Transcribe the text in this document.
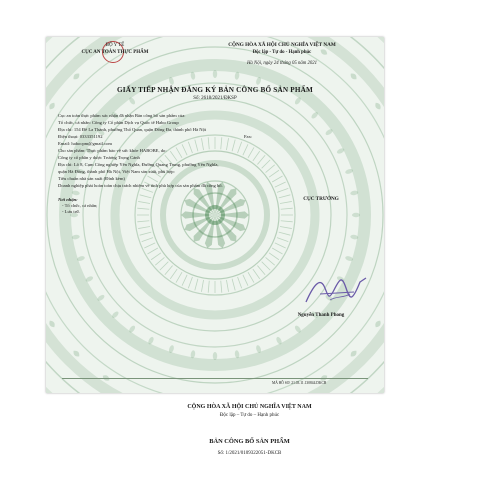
BỘ Y TẾ
CỤC AN TOÀN THỰC PHẨM
CỘNG HÒA XÃ HỘI CHỦ NGHĨA VIỆT NAM
Độc lập - Tự do - Hạnh phúc
Hà Nội, ngày 24 tháng 05 năm 2021
GIẤY TIẾP NHẬN ĐĂNG KÝ BẢN CÔNG BỐ SẢN PHẨM
Số: 2618/2021/ĐKSP
Cục an toàn thực phẩm xác nhận đã nhận Bản công bố sản phẩm của:
Tổ chức, cá nhân: Công ty Cổ phần Dịch vụ Quốc tế Habo Group
Địa chỉ: 154 Đê La Thành, phường Thổ Quan, quận Đống Đa, thành phố Hà Nội
Điện thoại: 0333351192	Fax:
Email: habocpm@gmail.com
Cho sản phẩm: Thực phẩm bảo vệ sức khỏe HABOBE, do:
Công ty cổ phần y dược Trương Trọng Cảnh
Địa chỉ: Lô 8, Cụm Công nghiệp Yên Nghĩa, Đường Quang Trung, phường Yên Nghĩa,
quận Hà Đông, thành phố Hà Nội, Việt Nam sản xuất, phù hợp:
Tiêu chuẩn nhà sản xuất (Đính kèm)
Doanh nghiệp phải hoàn toàn chịu trách nhiệm về tính phù hợp của sản phẩm đã công bố.
Nơi nhận:
- Tổ chức, cá nhân;
- Lưu trữ.
CỤC TRƯỞNG
Nguyễn Thanh Phong
MÃ HỒ SƠ: 21.03.11.130844.DKCB
CỘNG HÒA XÃ HỘI CHỦ NGHĨA VIỆT NAM
Độc lập – Tự do – Hạnh phúc
BẢN CÔNG BỐ SẢN PHẨM
Số: 1/2021/0109322051-DKCB
